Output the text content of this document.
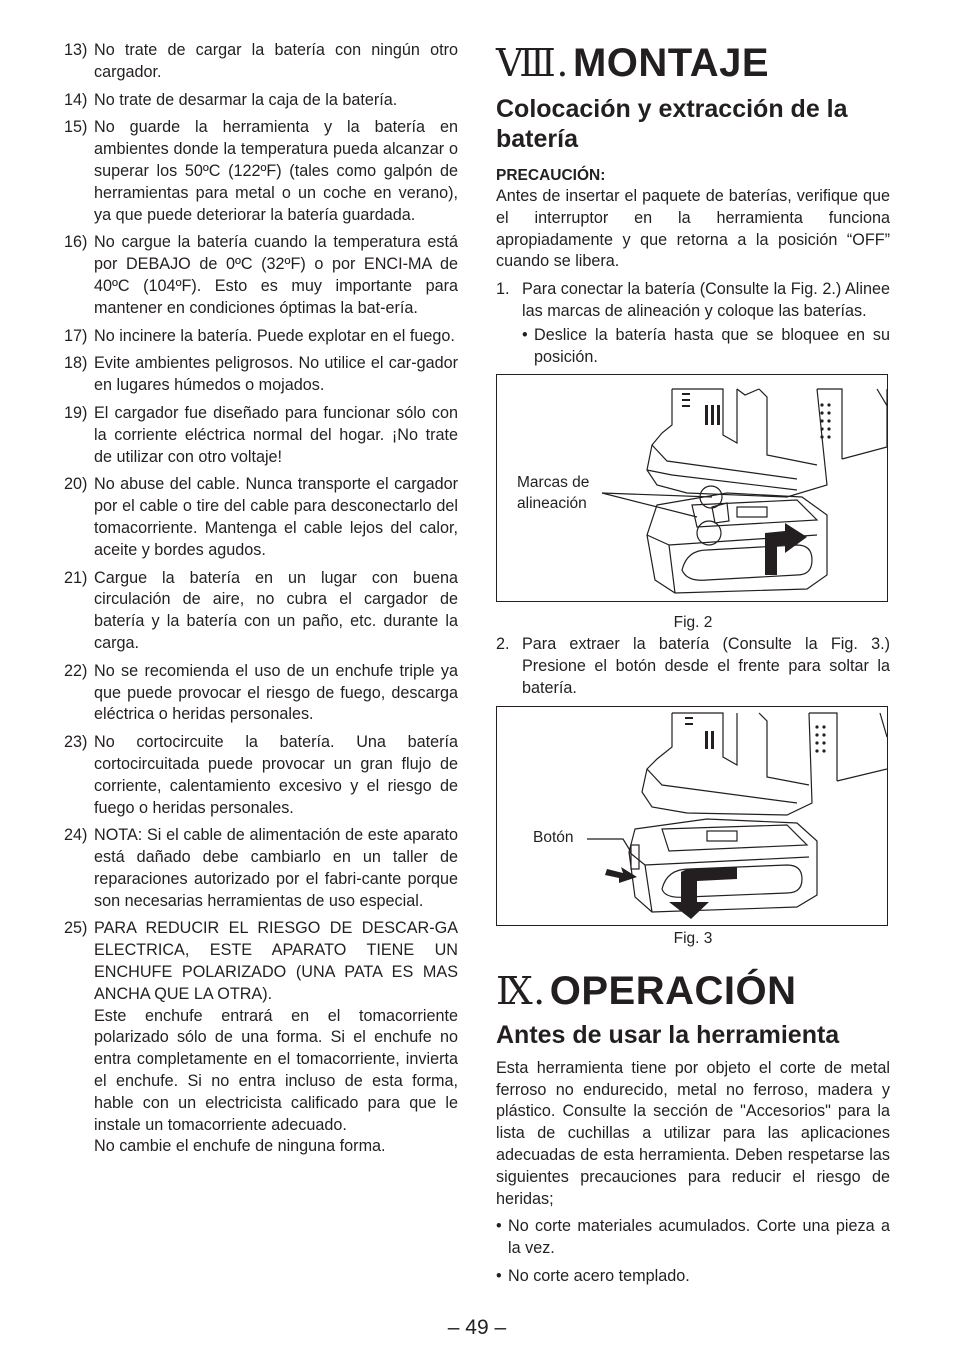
13) No trate de cargar la batería con ningún otro cargador.

14) No trate de desarmar la caja de la batería.

15) No guarde la herramienta y la batería en ambientes donde la temperatura pueda alcanzar o superar los 50ºC (122ºF) (tales como galpón de herramientas para metal o un coche en verano), ya que puede deteriorar la batería guardada.

16) No cargue la batería cuando la temperatura está por DEBAJO de 0ºC (32ºF) o por ENCI-MA de 40ºC (104ºF). Esto es muy importante para mantener en condiciones óptimas la bat-ería.

17) No incinere la batería. Puede explotar en el fuego.

18) Evite ambientes peligrosos. No utilice el car-gador en lugares húmedos o mojados.

19) El cargador fue diseñado para funcionar sólo con la corriente eléctrica normal del hogar. ¡No trate de utilizar con otro voltaje!

20) No abuse del cable. Nunca transporte el cargador por el cable o tire del cable para desconectarlo del tomacorriente. Mantenga el cable lejos del calor, aceite y bordes agudos.

21) Cargue la batería en un lugar con buena circulación de aire, no cubra el cargador de batería y la batería con un paño, etc. durante la carga.

22) No se recomienda el uso de un enchufe triple ya que puede provocar el riesgo de fuego, descarga eléctrica o heridas personales.

23) No cortocircuite la batería. Una batería cortocircuitada puede provocar un gran flujo de corriente, calentamiento excesivo y el riesgo de fuego o heridas personales.

24) NOTA: Si el cable de alimentación de este aparato está dañado debe cambiarlo en un taller de reparaciones autorizado por el fabri-cante porque son necesarias herramientas de uso especial.

25) PARA REDUCIR EL RIESGO DE DESCAR-GA ELECTRICA, ESTE APARATO TIENE UN ENCHUFE POLARIZADO (UNA PATA ES MAS ANCHA QUE LA OTRA).

Este enchufe entrará en el tomacorriente polarizado sólo de una forma. Si el enchufe no entra completamente en el tomacorriente, invierta el enchufe. Si no entra incluso de esta forma, hable con un electricista calificado para que le instale un tomacorriente adecuado.

No cambie el enchufe de ninguna forma.

Ⅷ. MONTAJE
Colocación y extracción de la batería

PRECAUCIÓN:

Antes de insertar el paquete de baterías, verifique que el interruptor en la herramienta funciona apropiadamente y que retorna a la posición “OFF” cuando se libera.

1. Para conectar la batería (Consulte la Fig. 2.) Alinee las marcas de alineación y coloque las baterías.
• Deslice la batería hasta que se bloquee en su posición.
Marcas de
alineación

Fig. 2

2. Para extraer la batería (Consulte la Fig. 3.) Presione el botón desde el frente para soltar la batería.
Botón

Fig. 3

Ⅸ. OPERACIÓN
Antes de usar la herramienta

Esta herramienta tiene por objeto el corte de metal ferroso no endurecido, metal no ferroso, madera y plástico. Consulte la sección de "Accesorios" para la lista de cuchillas a utilizar para las aplicaciones adecuadas de esta herramienta. Deben respetarse las siguientes precauciones para reducir el riesgo de heridas;

• No corte materiales acumulados. Corte una pieza a la vez.
• No corte acero templado.
– 49 –
